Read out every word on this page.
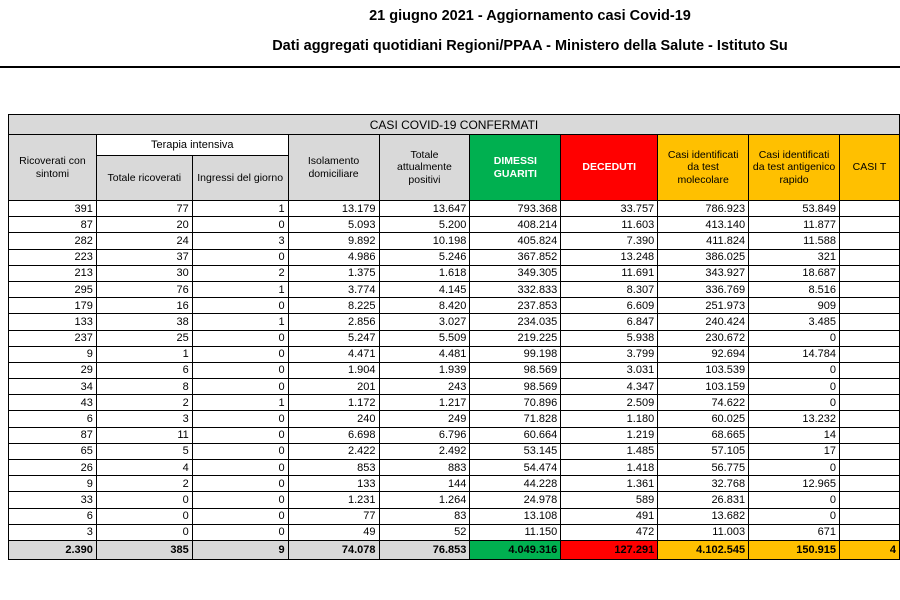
21 giugno 2021 - Aggiornamento casi Covid-19
Dati aggregati quotidiani Regioni/PPAA - Ministero della Salute - Istituto Su
CASI COVID-19 CONFERMATI									
Ricoverati con sintomi	Terapia intensiva		Isolamento domiciliare	Totale attualmente positivi	DIMESSI GUARITI	DECEDUTI	Casi identificati da test molecolare	Casi identificati da test antigenico rapido	CASI T
	Totale ricoverati	Ingressi del giorno							
391	77	1	13.179	13.647	793.368	33.757	786.923	53.849	
87	20	0	5.093	5.200	408.214	11.603	413.140	11.877	
282	24	3	9.892	10.198	405.824	7.390	411.824	11.588	
223	37	0	4.986	5.246	367.852	13.248	386.025	321	
213	30	2	1.375	1.618	349.305	11.691	343.927	18.687	
295	76	1	3.774	4.145	332.833	8.307	336.769	8.516	
179	16	0	8.225	8.420	237.853	6.609	251.973	909	
133	38	1	2.856	3.027	234.035	6.847	240.424	3.485	
237	25	0	5.247	5.509	219.225	5.938	230.672	0	
9	1	0	4.471	4.481	99.198	3.799	92.694	14.784	
29	6	0	1.904	1.939	98.569	3.031	103.539	0	
34	8	0	201	243	98.569	4.347	103.159	0	
43	2	1	1.172	1.217	70.896	2.509	74.622	0	
6	3	0	240	249	71.828	1.180	60.025	13.232	
87	11	0	6.698	6.796	60.664	1.219	68.665	14	
65	5	0	2.422	2.492	53.145	1.485	57.105	17	
26	4	0	853	883	54.474	1.418	56.775	0	
9	2	0	133	144	44.228	1.361	32.768	12.965	
33	0	0	1.231	1.264	24.978	589	26.831	0	
6	0	0	77	83	13.108	491	13.682	0	
3	0	0	49	52	11.150	472	11.003	671	
2.390	385	9	74.078	76.853	4.049.316	127.291	4.102.545	150.915	4
